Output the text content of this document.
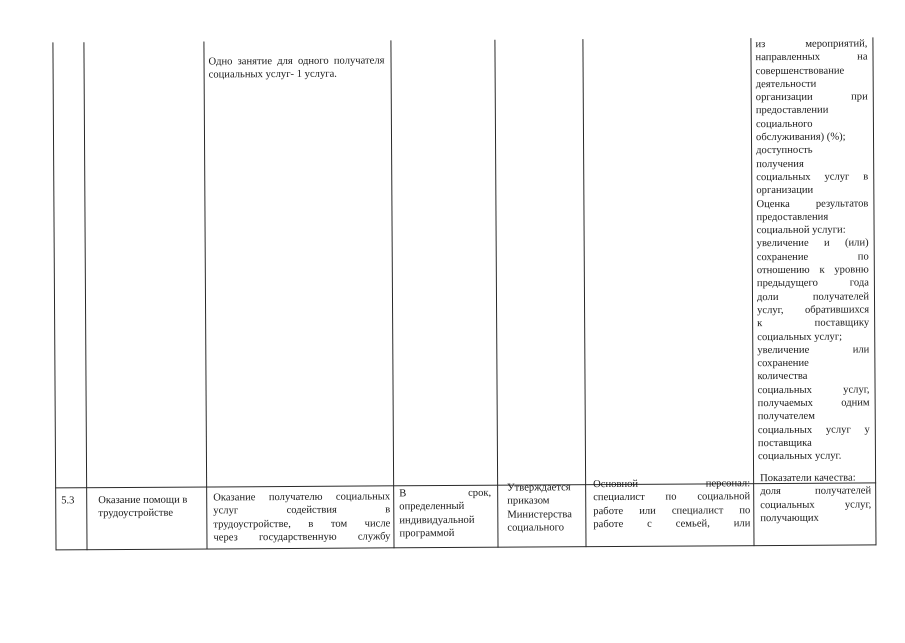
Одно занятие для одного получателя социальных услуг- 1 услуга.

из мероприятий,
направленных на
совершенствование
деятельности
организации при
предоставлении
социального
обслуживания) (%);
доступность
получения
социальных услуг в
организации
Оценка результатов
предоставления
социальной услуги:
увеличение и (или)
сохранение по
отношению к уровню
предыдущего года
доли получателей
услуг, обратившихся
к поставщику
социальных услуг;
увеличение или
сохранение
количества
социальных услуг,
получаемых одним
получателем
социальных услуг у
поставщика
социальных услуг.

5.3	Оказание помощи в трудоустройстве

Оказание получателю социальных
услуг содействия в
трудоустройстве, в том числе
через государственную службу
В срок,
определенный
индивидуальной
программой
Утверждается
приказом
Министерства
социального
Основной персонал:
специалист по социальной
работе или специалист по
работе с семьей, или
Показатели качества:
доля получателей
социальных услуг,
получающих
